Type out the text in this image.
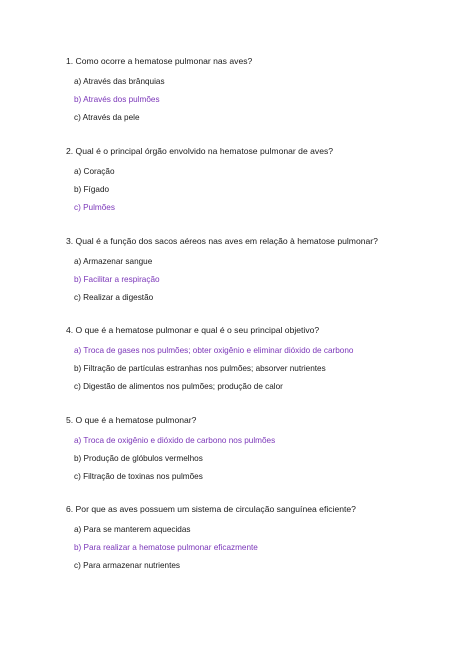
1. Como ocorre a hematose pulmonar nas aves?

a) Através das brânquias
b) Através dos pulmões
c) Através da pele

2. Qual é o principal órgão envolvido na hematose pulmonar de aves?

a) Coração
b) Fígado
c) Pulmões

3. Qual é a função dos sacos aéreos nas aves em relação à hematose pulmonar?

a) Armazenar sangue
b) Facilitar a respiração
c) Realizar a digestão

4. O que é a hematose pulmonar e qual é o seu principal objetivo?

a) Troca de gases nos pulmões; obter oxigênio e eliminar dióxido de carbono
b) Filtração de partículas estranhas nos pulmões; absorver nutrientes
c) Digestão de alimentos nos pulmões; produção de calor

5. O que é a hematose pulmonar?

a) Troca de oxigênio e dióxido de carbono nos pulmões
b) Produção de glóbulos vermelhos
c) Filtração de toxinas nos pulmões

6. Por que as aves possuem um sistema de circulação sanguínea eficiente?

a) Para se manterem aquecidas
b) Para realizar a hematose pulmonar eficazmente
c) Para armazenar nutrientes
